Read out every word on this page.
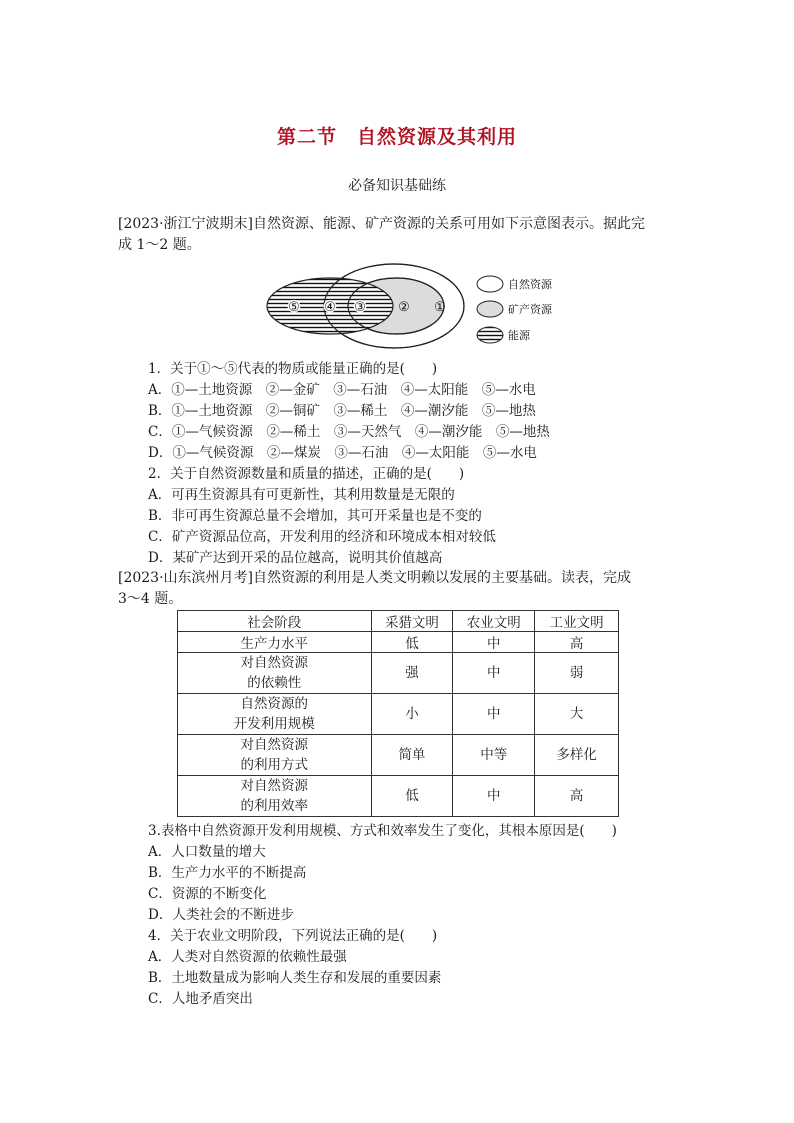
第二节　自然资源及其利用
必备知识基础练
[2023·浙江宁波期末]自然资源、能源、矿产资源的关系可用如下示意图表示。据此完
成 1～2 题。
⑤ ④ ③ ② ①
自然资源
矿产资源
能源
1．关于①～⑤代表的物质或能量正确的是(　　)
A．①—土地资源　②—金矿　③—石油　④—太阳能　⑤—水电
B．①—土地资源　②—铜矿　③—稀土　④—潮汐能　⑤—地热
C．①—气候资源　②—稀土　③—天然气　④—潮汐能　⑤—地热
D．①—气候资源　②—煤炭　③—石油　④—太阳能　⑤—水电
2．关于自然资源数量和质量的描述，正确的是(　　)
A．可再生资源具有可更新性，其利用数量是无限的
B．非可再生资源总量不会增加，其可开采量也是不变的
C．矿产资源品位高，开发利用的经济和环境成本相对较低
D．某矿产达到开采的品位越高，说明其价值越高
[2023·山东滨州月考]自然资源的利用是人类文明赖以发展的主要基础。读表，完成
3～4 题。
社会阶段	采猎文明	农业文明	工业文明
生产力水平	低	中	高
对自然资源
的依赖性	强	中	弱
自然资源的
开发利用规模	小	中	大
对自然资源
的利用方式	简单	中等	多样化
对自然资源
的利用效率	低	中	高
3.表格中自然资源开发利用规模、方式和效率发生了变化，其根本原因是(　　)
A．人口数量的增大
B．生产力水平的不断提高
C．资源的不断变化
D．人类社会的不断进步
4．关于农业文明阶段，下列说法正确的是(　　)
A．人类对自然资源的依赖性最强
B．土地数量成为影响人类生存和发展的重要因素
C．人地矛盾突出
